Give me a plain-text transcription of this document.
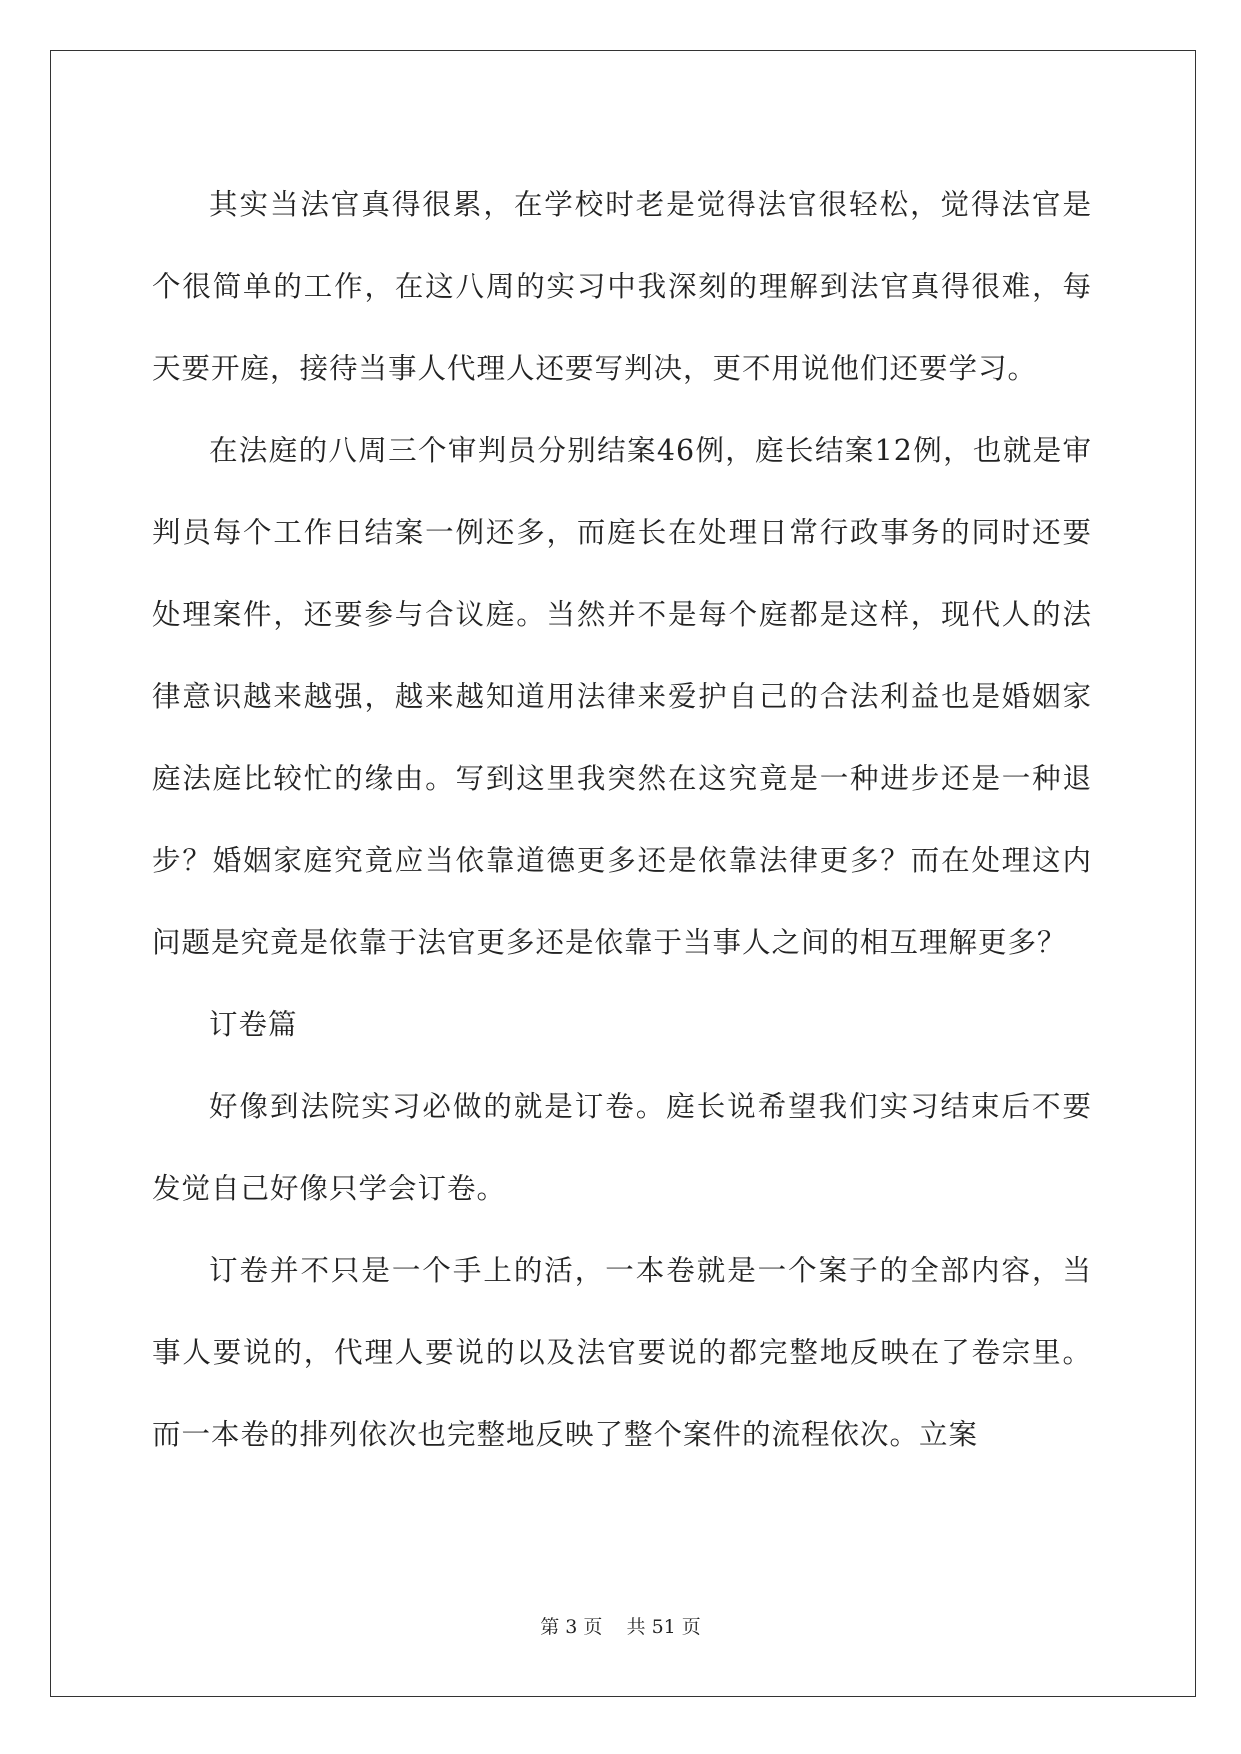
其实当法官真得很累，在学校时老是觉得法官很轻松，觉得法官是个很简单的工作，在这八周的实习中我深刻的理解到法官真得很难，每天要开庭，接待当事人代理人还要写判决，更不用说他们还要学习。

在法庭的八周三个审判员分别结案46例，庭长结案12例，也就是审判员每个工作日结案一例还多，而庭长在处理日常行政事务的同时还要处理案件，还要参与合议庭。当然并不是每个庭都是这样，现代人的法律意识越来越强，越来越知道用法律来爱护自己的合法利益也是婚姻家庭法庭比较忙的缘由。写到这里我突然在这究竟是一种进步还是一种退步？婚姻家庭究竟应当依靠道德更多还是依靠法律更多？而在处理这内问题是究竟是依靠于法官更多还是依靠于当事人之间的相互理解更多？

订卷篇

好像到法院实习必做的就是订卷。庭长说希望我们实习结束后不要发觉自己好像只学会订卷。

订卷并不只是一个手上的活，一本卷就是一个案子的全部内容，当事人要说的，代理人要说的以及法官要说的都完整地反映在了卷宗里。而一本卷的排列依次也完整地反映了整个案件的流程依次。立案

第 3 页 共 51 页
